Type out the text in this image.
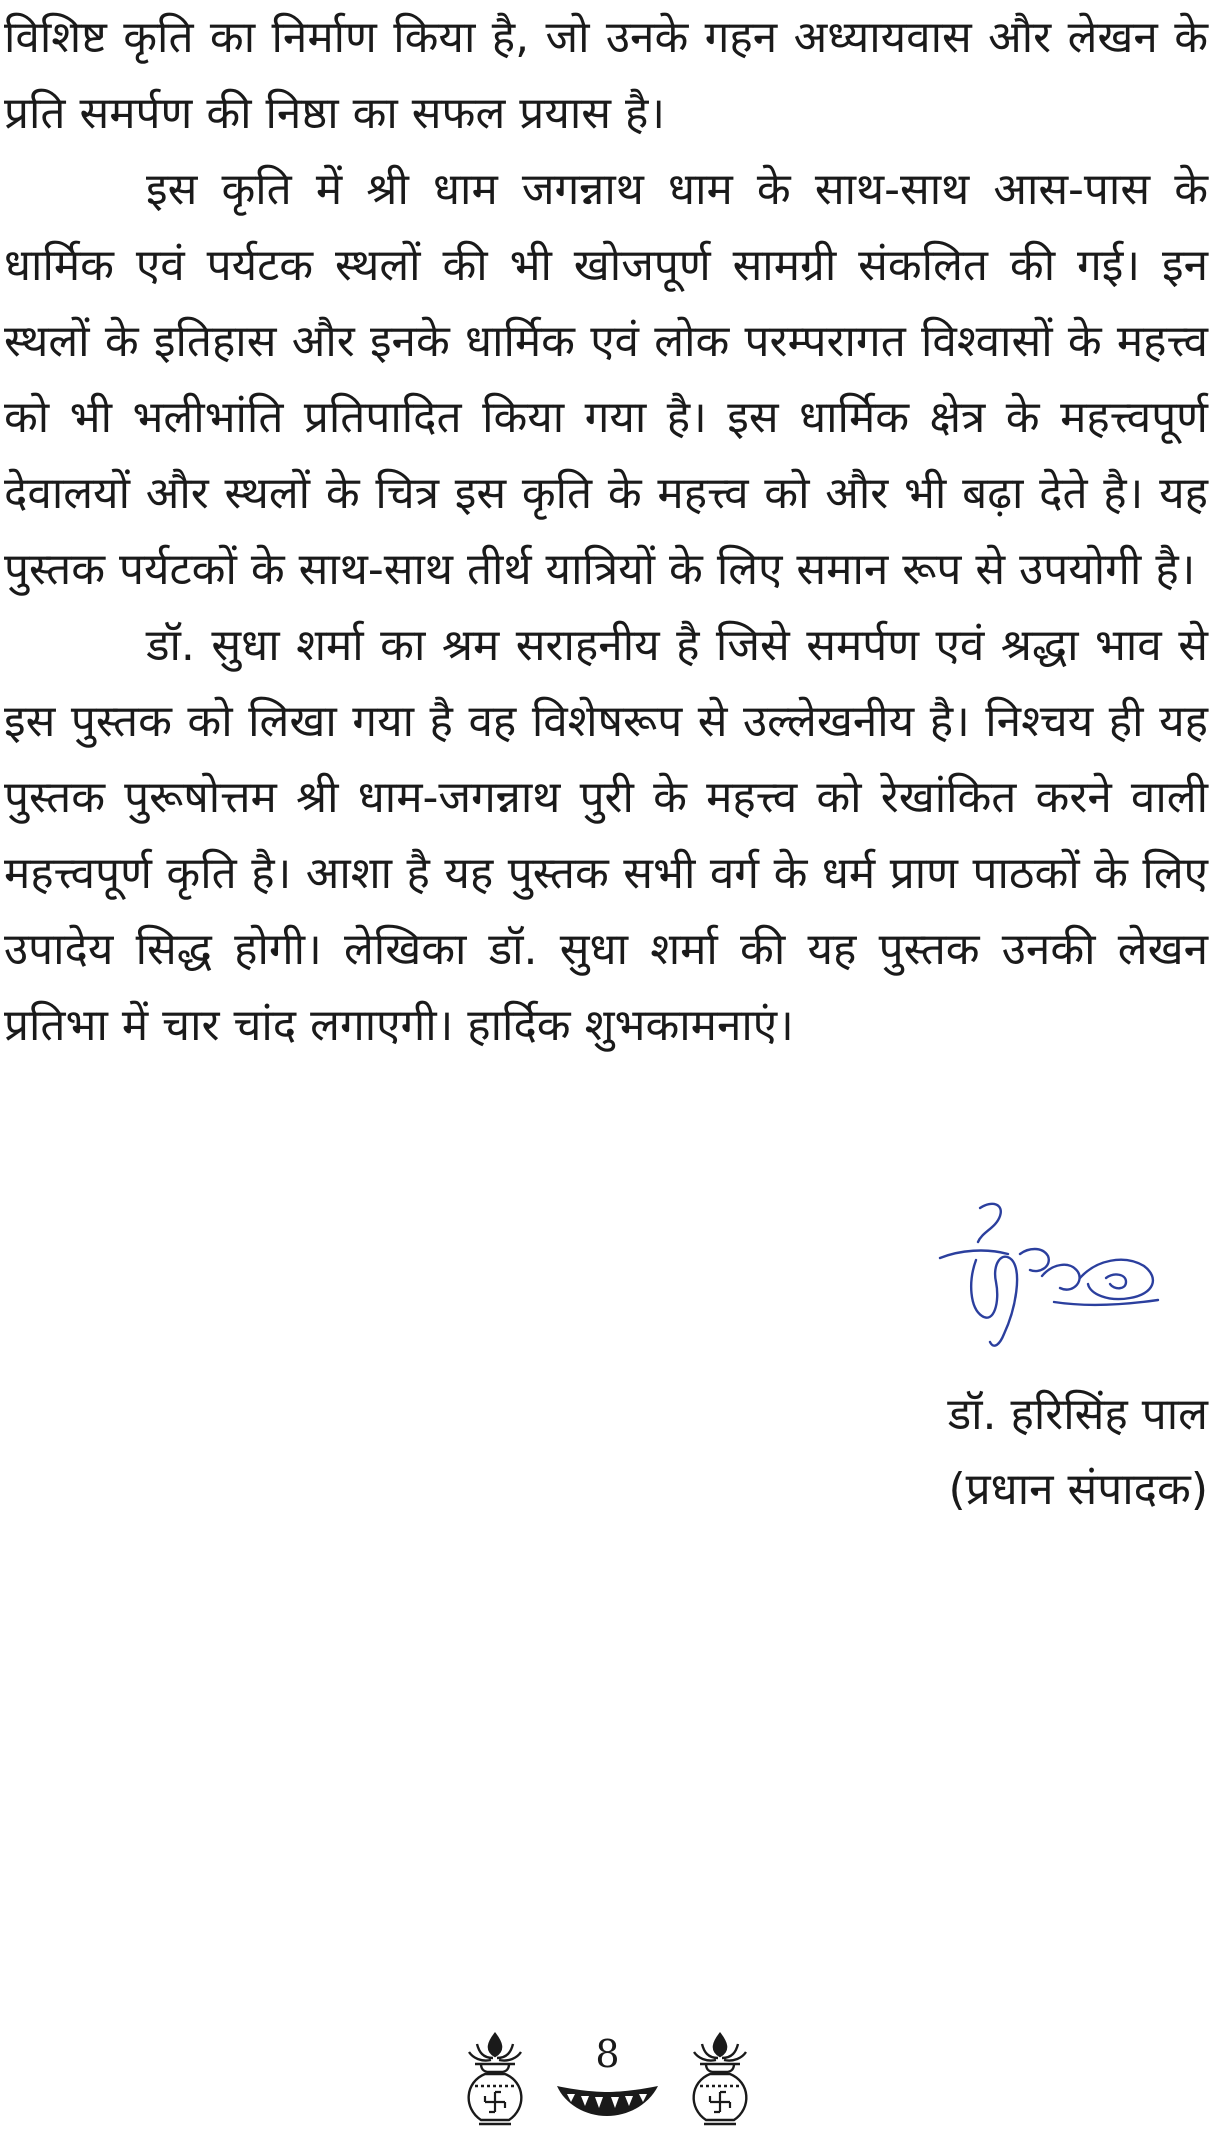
विशिष्ट कृति का निर्माण किया है, जो उनके गहन अध्यायवास और लेखन के प्रति समर्पण की निष्ठा का सफल प्रयास है।

इस कृति में श्री धाम जगन्नाथ धाम के साथ-साथ आस-पास के धार्मिक एवं पर्यटक स्थलों की भी खोजपूर्ण सामग्री संकलित की गई। इन स्थलों के इतिहास और इनके धार्मिक एवं लोक परम्परागत विश्वासों के महत्त्व को भी भलीभांति प्रतिपादित किया गया है। इस धार्मिक क्षेत्र के महत्त्वपूर्ण देवालयों और स्थलों के चित्र इस कृति के महत्त्व को और भी बढ़ा देते है। यह पुस्तक पर्यटकों के साथ-साथ तीर्थ यात्रियों के लिए समान रूप से उपयोगी है।

डॉ. सुधा शर्मा का श्रम सराहनीय है जिसे समर्पण एवं श्रद्धा भाव से इस पुस्तक को लिखा गया है वह विशेषरूप से उल्लेखनीय है। निश्चय ही यह पुस्तक पुरूषोत्तम श्री धाम-जगन्नाथ पुरी के महत्त्व को रेखांकित करने वाली महत्त्वपूर्ण कृति है। आशा है यह पुस्तक सभी वर्ग के धर्म प्राण पाठकों के लिए उपादेय सिद्ध होगी। लेखिका डॉ. सुधा शर्मा की यह पुस्तक उनकी लेखन प्रतिभा में चार चांद लगाएगी। हार्दिक शुभकामनाएं।

डॉ. हरिसिंह पाल
(प्रधान संपादक)
8
